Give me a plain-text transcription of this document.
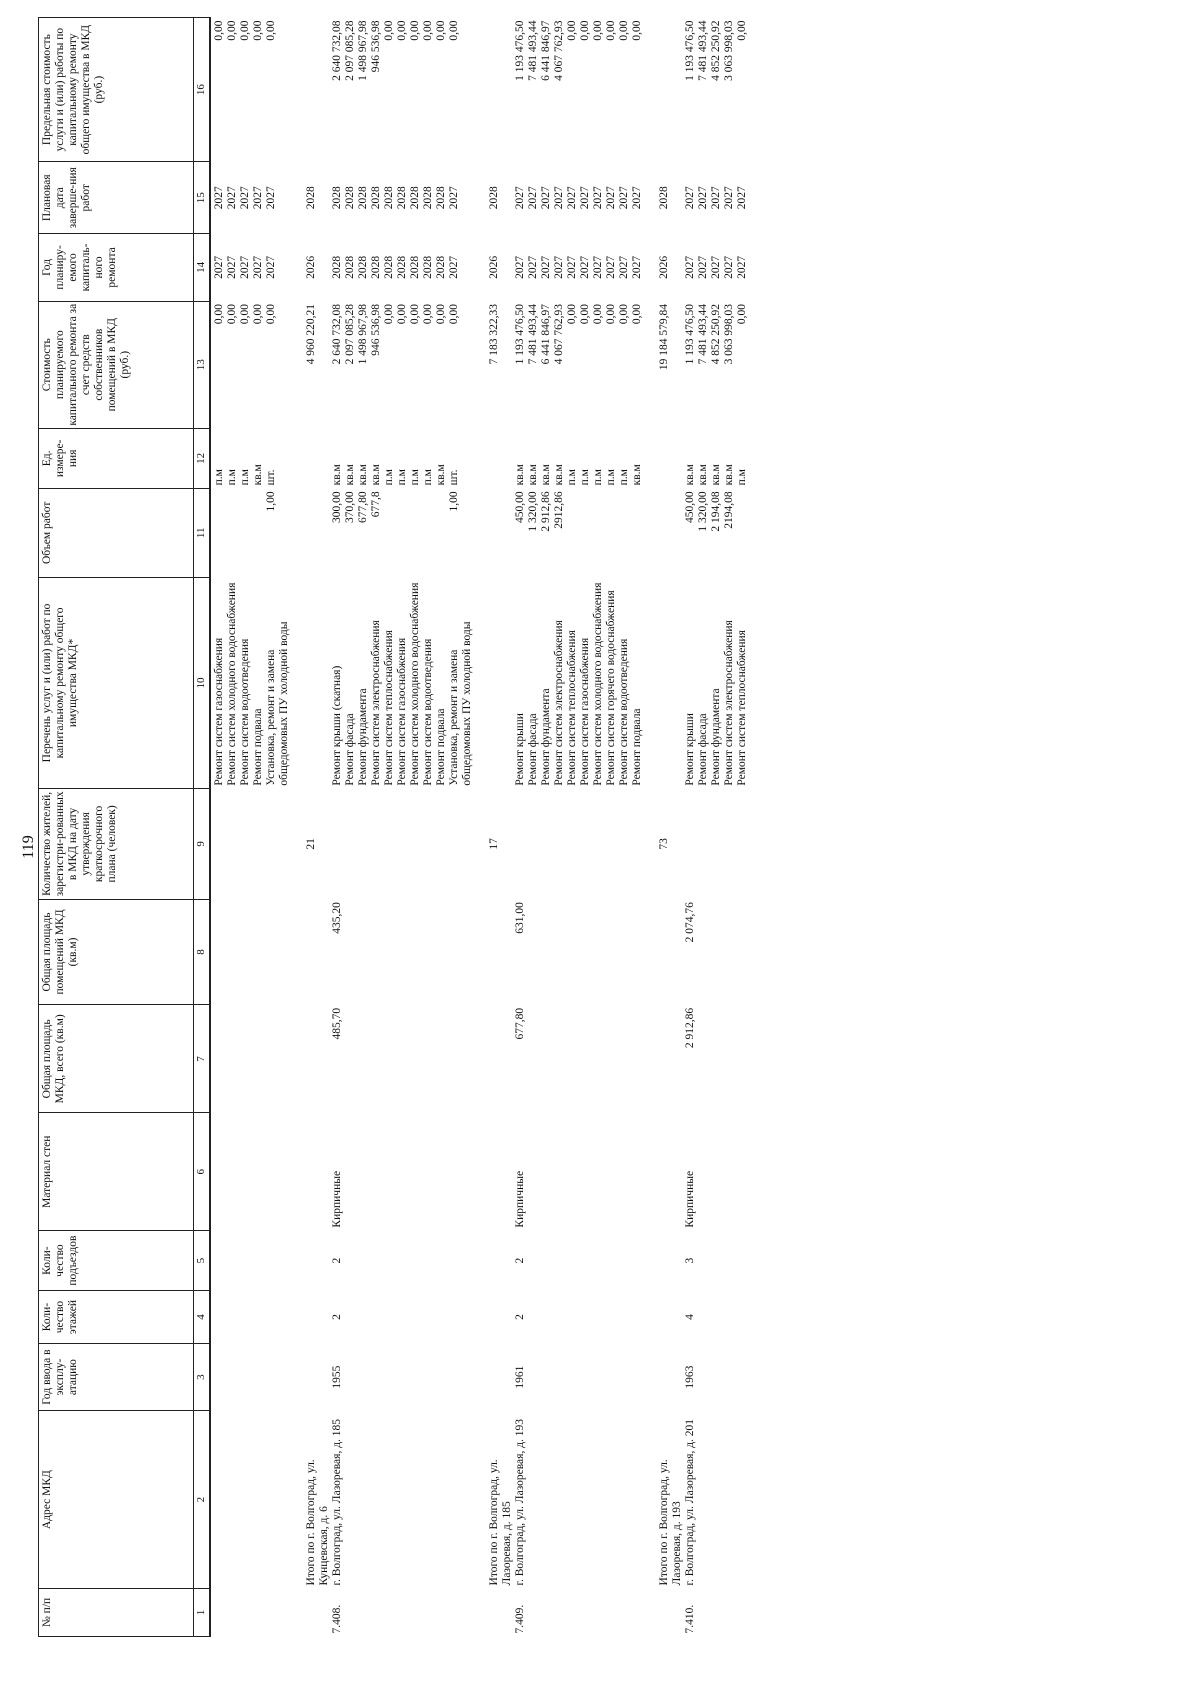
119
№ п/п	Адрес МКД	Год ввода в эксплу-атацию	Коли-чество этажей	Коли-чество подъездов	Материал стен	Общая площадь МКД, всего (кв.м)	Общая площадь помещений МКД (кв.м)	Количество жителей, зарегистри-рованных в МКД на дату утверждения краткосрочного плана (человек)	Перечень услуг и (или) работ по капитальному ремонту общего имущества МКД*	Объем работ	Ед. измере-ния	Стоимость планируемого капитального ремонта за счет средств собственников помещений в МКД (руб.)	Год планиру-емого капиталь-ного ремонта	Плановая дата заверше-ния работ	Предельная стоимость услуги и (или) работы по капитальному ремонту общего имущества в МКД (руб.)
1	2	3	4	5	6	7	8	9	10	11	12	13	14	15	16
									Ремонт систем газоснабжения		п.м	0,00	2027	2027	0,00
									Ремонт систем холодного водоснабжения		п.м	0,00	2027	2027	0,00
									Ремонт систем водоотведения		п.м	0,00	2027	2027	0,00
									Ремонт подвала		кв.м	0,00	2027	2027	0,00
									Установка, ремонт и замена общедомовых ПУ холодной воды	1,00	шт.	0,00	2027	2027	0,00

	Итого по г. Волгоград, ул. Кунцевская, д. 6							21				4 960 220,21	2026	2028	
7.408.	г. Волгоград, ул. Лазоревая, д. 185	1955	2	2	Кирпичные	485,70	435,20		Ремонт крыши (скатная)	300,00	кв.м	2 640 732,08	2028	2028	2 640 732,08
									Ремонт фасада	370,00	кв.м	2 097 085,28	2028	2028	2 097 085,28
									Ремонт фундамента	677,80	кв.м	1 498 967,98	2028	2028	1 498 967,98
									Ремонт систем электроснабжения	677,8	кв.м	946 536,98	2028	2028	946 536,98
									Ремонт систем теплоснабжения		п.м	0,00	2028	2028	0,00
									Ремонт систем газоснабжения		п.м	0,00	2028	2028	0,00
									Ремонт систем холодного водоснабжения		п.м	0,00	2028	2028	0,00
									Ремонт систем водоотведения		п.м	0,00	2028	2028	0,00
									Ремонт подвала		кв.м	0,00	2028	2028	0,00
									Установка, ремонт и замена общедомовых ПУ холодной воды	1,00	шт.	0,00	2027	2027	0,00

	Итого по г. Волгоград, ул. Лазоревая, д. 185							17				7 183 322,33	2026	2028	
7.409.	г. Волгоград, ул. Лазоревая, д. 193	1961	2	2	Кирпичные	677,80	631,00		Ремонт крыши	450,00	кв.м	1 193 476,50	2027	2027	1 193 476,50
									Ремонт фасада	1 320,00	кв.м	7 481 493,44	2027	2027	7 481 493,44
									Ремонт фундамента	2 912,86	кв.м	6 441 846,97	2027	2027	6 441 846,97
									Ремонт систем электроснабжения	2912,86	кв.м	4 067 762,93	2027	2027	4 067 762,93
									Ремонт систем теплоснабжения		п.м	0,00	2027	2027	0,00
									Ремонт систем газоснабжения		п.м	0,00	2027	2027	0,00
									Ремонт систем холодного водоснабжения		п.м	0,00	2027	2027	0,00
									Ремонт систем горячего водоснабжения		п.м	0,00	2027	2027	0,00
									Ремонт систем водоотведения		п.м	0,00	2027	2027	0,00
									Ремонт подвала		кв.м	0,00	2027	2027	0,00

	Итого по г. Волгоград, ул. Лазоревая, д. 193							73				19 184 579,84	2026	2028	
7.410.	г. Волгоград, ул. Лазоревая, д. 201	1963	4	3	Кирпичные	2 912,86	2 074,76		Ремонт крыши	450,00	кв.м	1 193 476,50	2027	2027	1 193 476,50
									Ремонт фасада	1 320,00	кв.м	7 481 493,44	2027	2027	7 481 493,44
									Ремонт фундамента	2 194,08	кв.м	4 852 250,92	2027	2027	4 852 250,92
									Ремонт систем электроснабжения	2194,08	кв.м	3 063 998,03	2027	2027	3 063 998,03
									Ремонт систем теплоснабжения		п.м	0,00	2027	2027	0,00
